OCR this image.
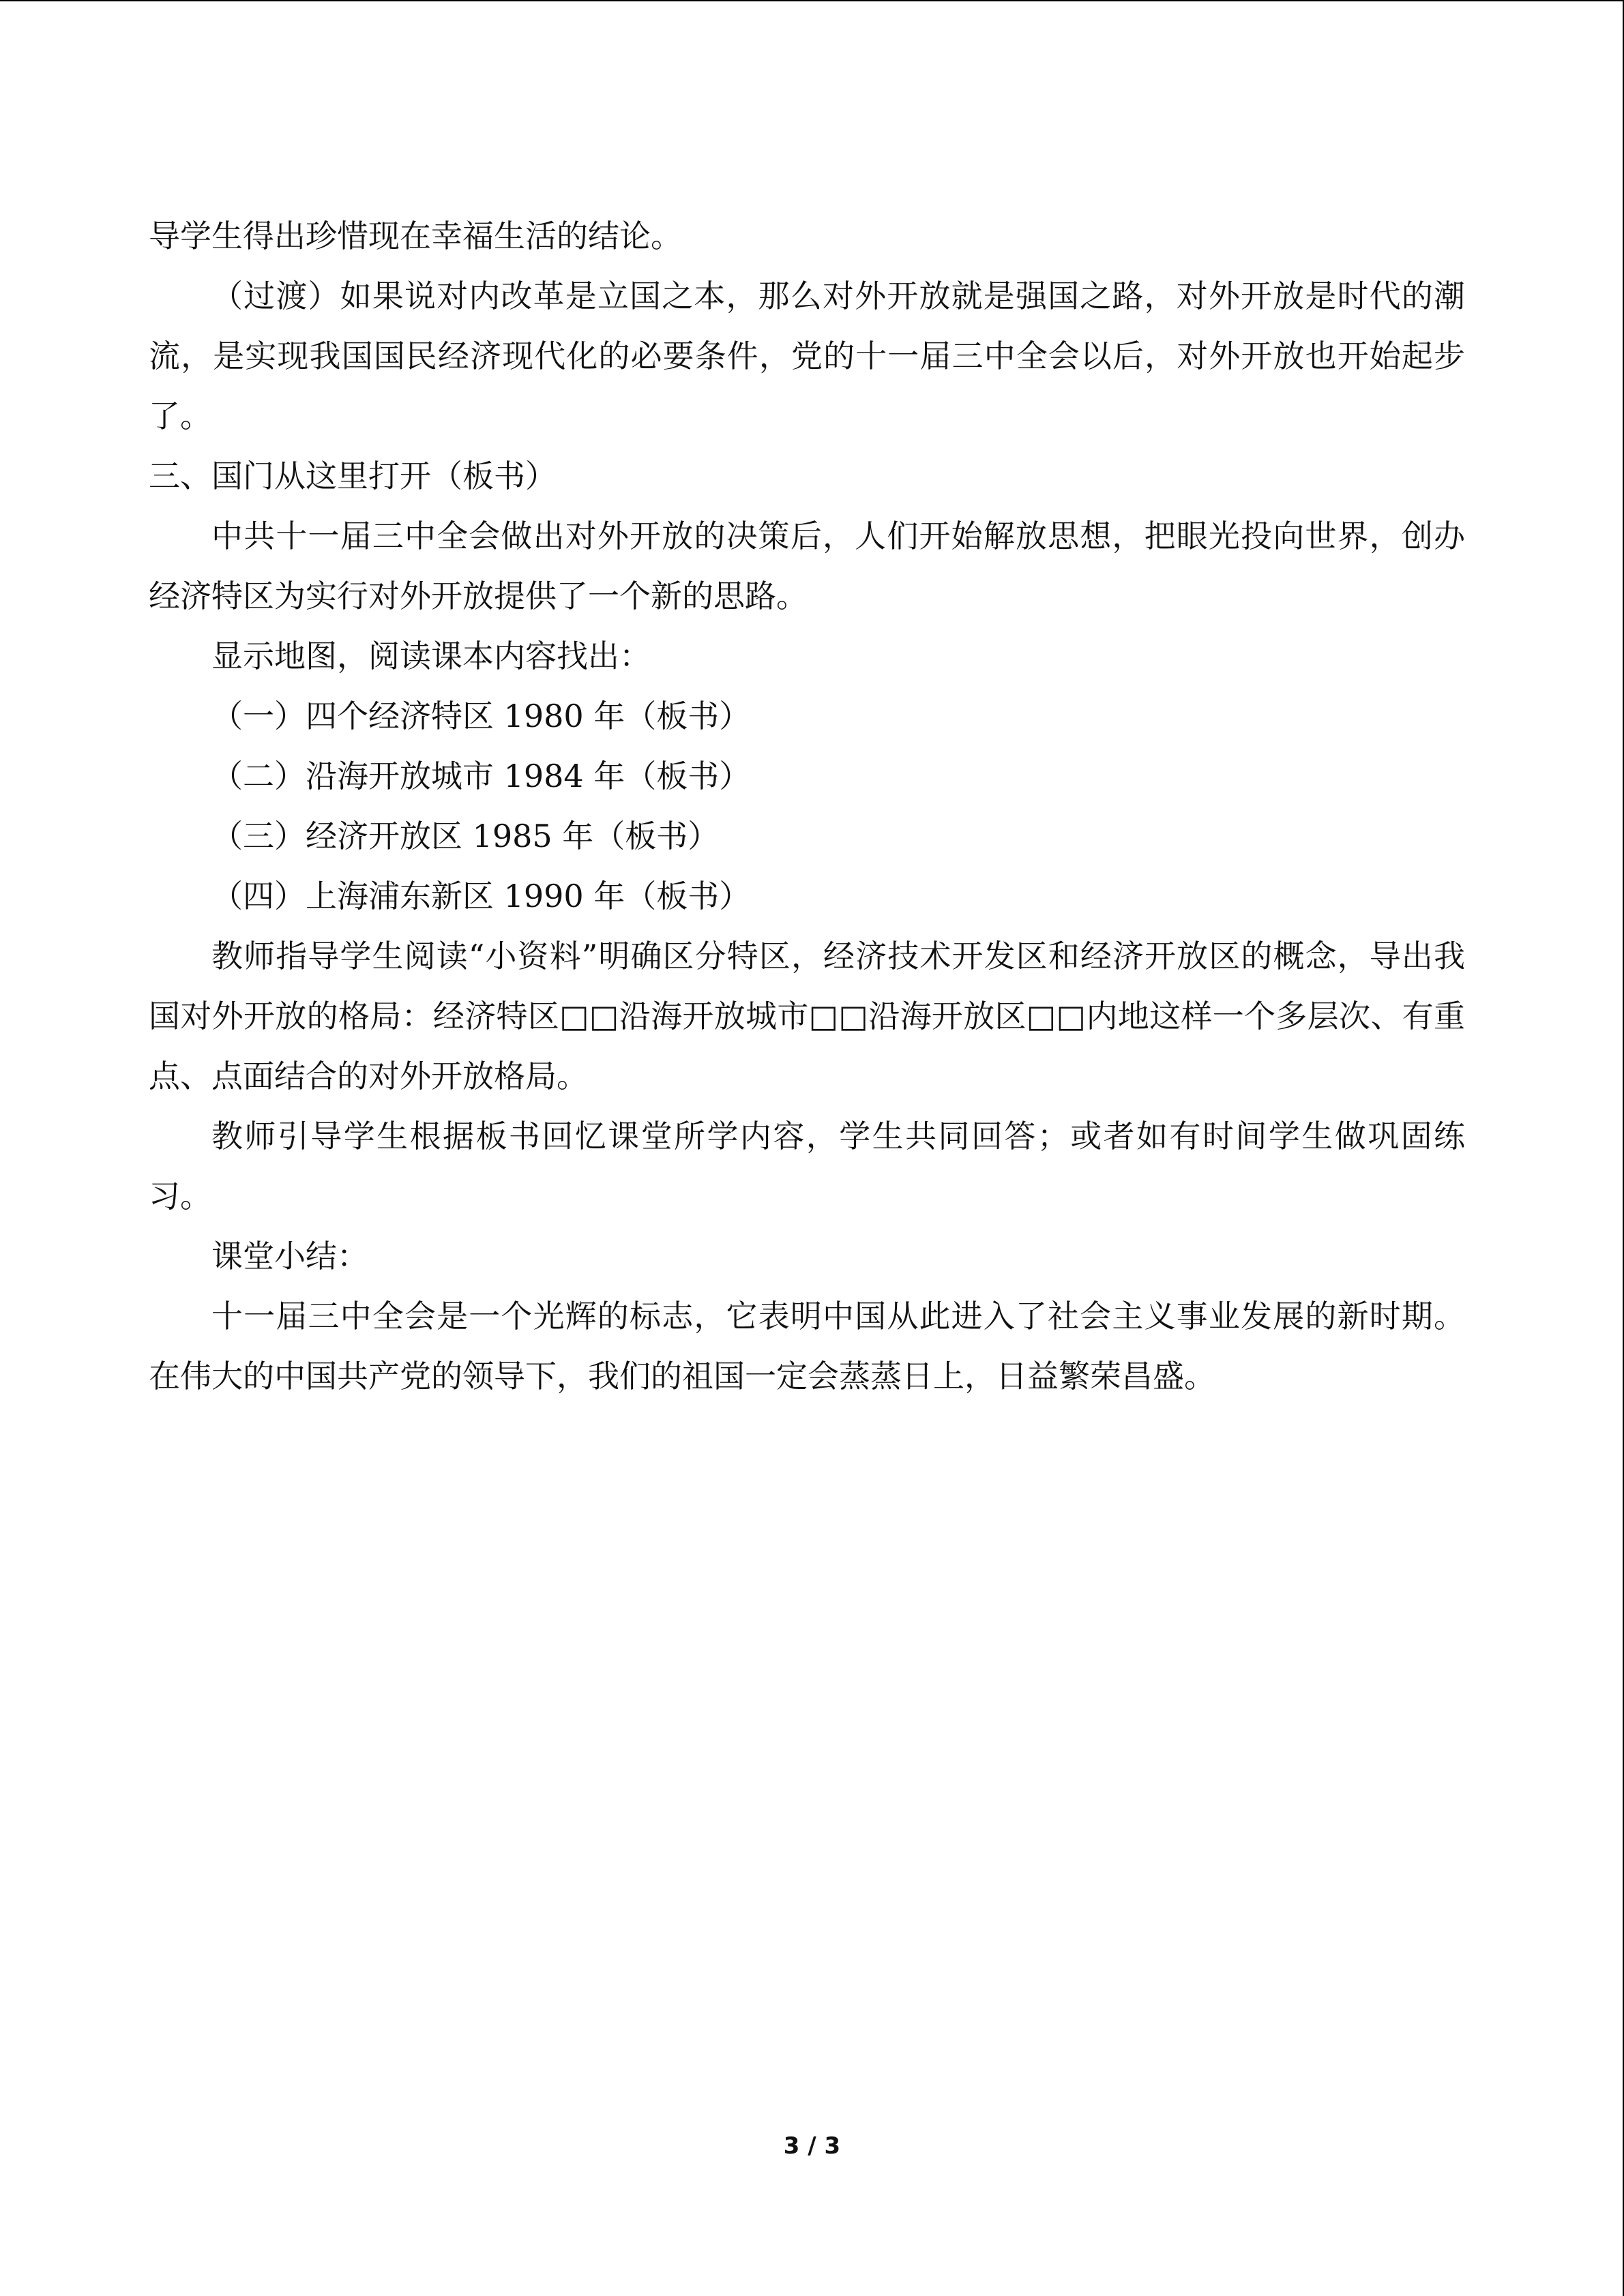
导学生得出珍惜现在幸福生活的结论。

（过渡）如果说对内改革是立国之本，那么对外开放就是强国之路，对外开放是时代的潮流，是实现我国国民经济现代化的必要条件，党的十一届三中全会以后，对外开放也开始起步了。

三、国门从这里打开（板书）

中共十一届三中全会做出对外开放的决策后，人们开始解放思想，把眼光投向世界，创办经济特区为实行对外开放提供了一个新的思路。

显示地图，阅读课本内容找出：

（一）四个经济特区 1980 年（板书）

（二）沿海开放城市 1984 年（板书）

（三）经济开放区 1985 年（板书）

（四）上海浦东新区 1990 年（板书）

教师指导学生阅读“小资料”明确区分特区，经济技术开发区和经济开放区的概念，导出我国对外开放的格局：经济特区□□沿海开放城市□□沿海开放区□□内地这样一个多层次、有重点、点面结合的对外开放格局。

教师引导学生根据板书回忆课堂所学内容，学生共同回答；或者如有时间学生做巩固练习。

课堂小结：

十一届三中全会是一个光辉的标志，它表明中国从此进入了社会主义事业发展的新时期。在伟大的中国共产党的领导下，我们的祖国一定会蒸蒸日上，日益繁荣昌盛。

3 / 3
